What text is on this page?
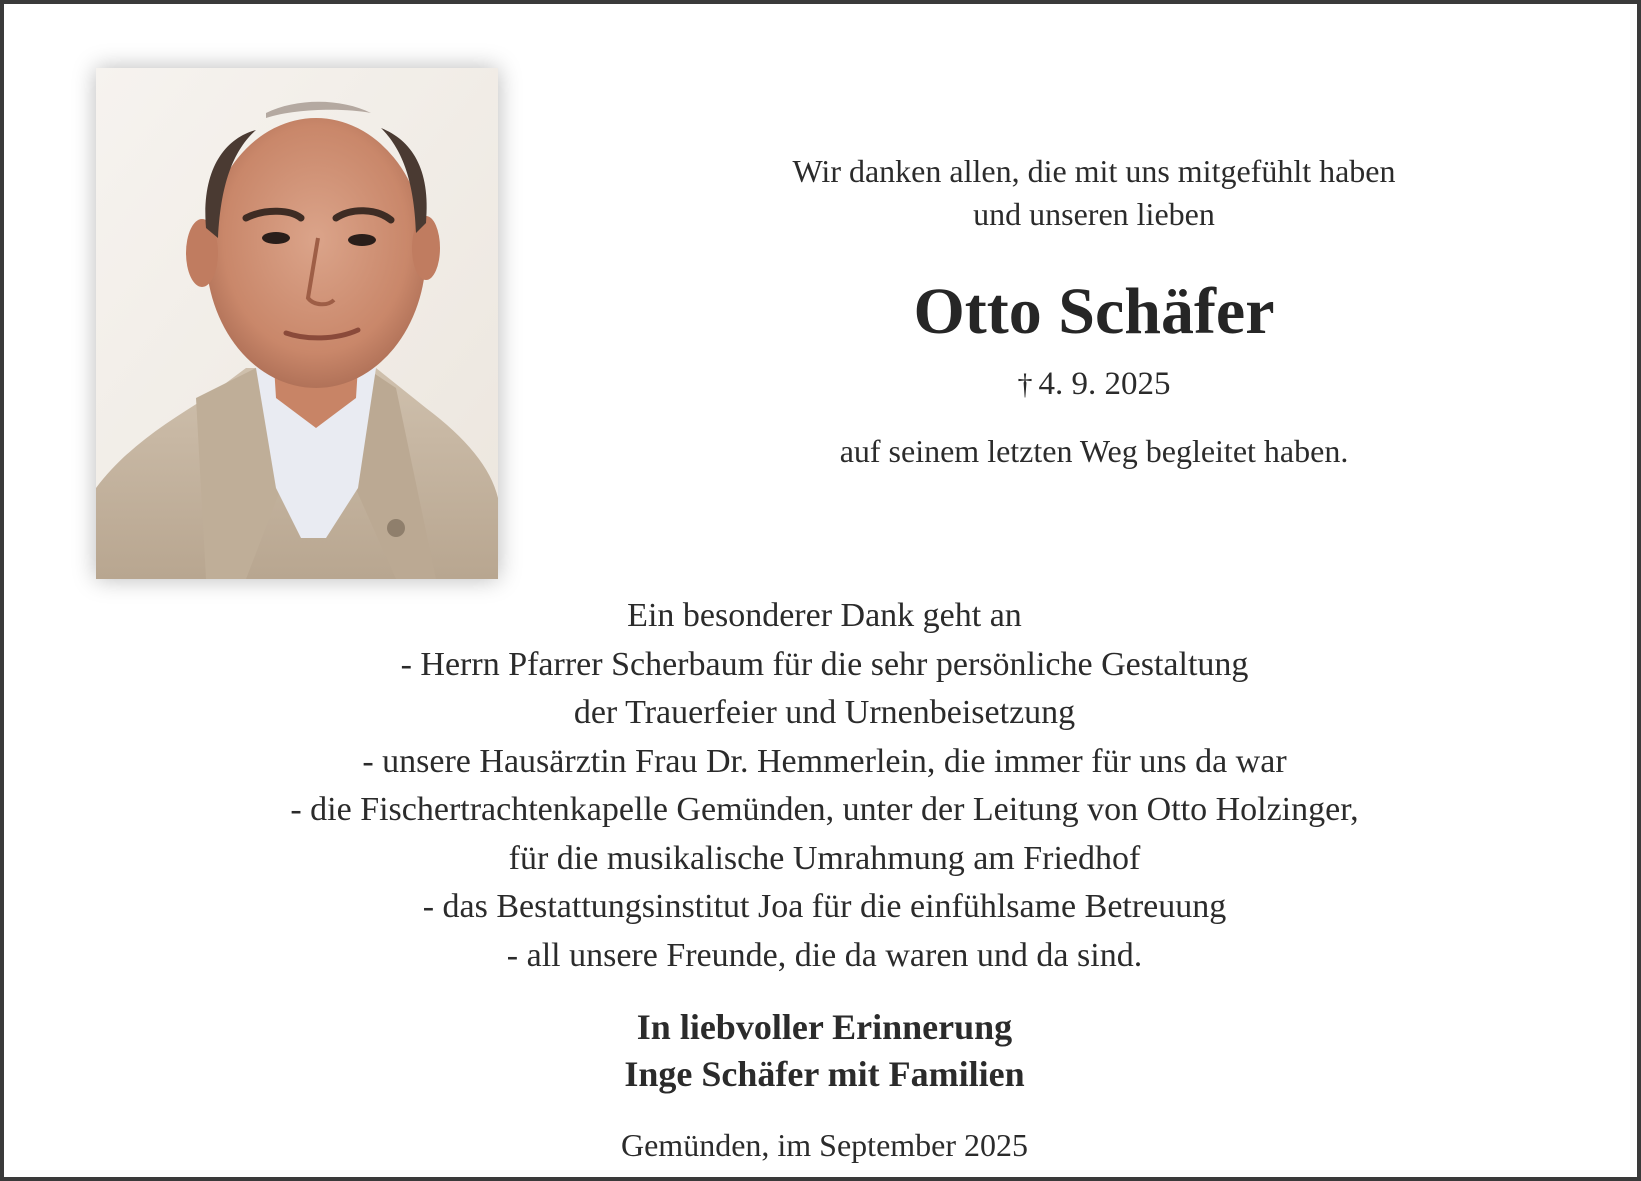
Wir danken allen, die mit uns mitgefühlt haben
und unseren lieben
Otto Schäfer
† 4. 9. 2025
auf seinem letzten Weg begleitet haben.
Ein besonderer Dank geht an
- Herrn Pfarrer Scherbaum für die sehr persönliche Gestaltung
der Trauerfeier und Urnenbeisetzung
- unsere Hausärztin Frau Dr. Hemmerlein, die immer für uns da war
- die Fischertrachtenkapelle Gemünden, unter der Leitung von Otto Holzinger,
für die musikalische Umrahmung am Friedhof
- das Bestattungsinstitut Joa für die einfühlsame Betreuung
- all unsere Freunde, die da waren und da sind.
In liebvoller Erinnerung
Inge Schäfer mit Familien
Gemünden, im September 2025
